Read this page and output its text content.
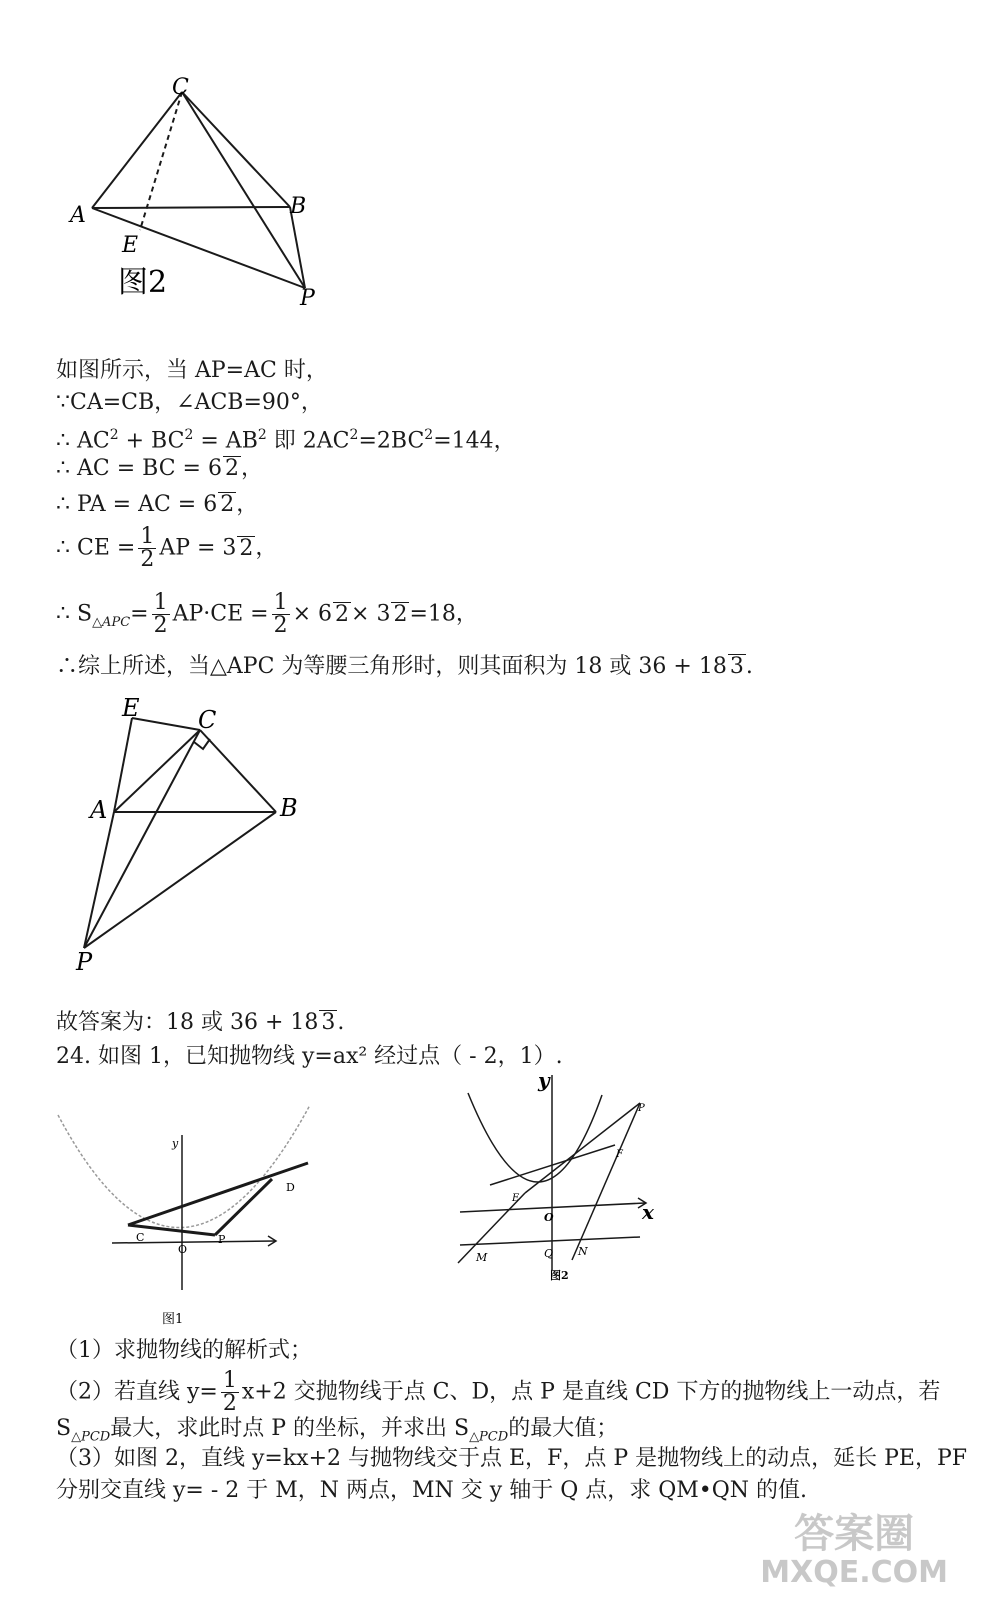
C
A	B
E
P
图2
如图所示，当 AP=AC 时，
∵CA=CB，∠ACB=90°，
∴ $AC^2 + BC^2 = AB^2$ 即 $2AC^2=2BC^2=144$，
∴ AC = BC = 6 2，
∴ PA = AC = 6 2，
∴ CE = $\frac{1}{2}$ AP = 3 2，
∴ $S_{\triangle APC}= \frac{1}{2} AP\cdot CE = \frac{1}{2} \times 6$ 2× 3 2=18，
∴综上所述，当△APC 为等腰三角形时，则其面积为 18 或 36 + 18 3.
E C
A	B
P
故答案为：18 或 36 + 18 3.
24. 如图 1，已知抛物线 y=ax² 经过点（ - 2，1）.
y
D
C
O
P
图1
y
x
P
F
E
O
M	Q N
图2
（1）求抛物线的解析式；
（2）若直线 $y= \frac{1}{2} x+2$ 交抛物线于点 C、D，点 P 是直线 CD 下方的抛物线上一动点，若
$S_{\triangle PCD}$最大，求此时点 P 的坐标，并求出 $S_{\triangle PCD}$的最大值；
（3）如图 2，直线 y=kx+2 与抛物线交于点 E，F，点 P 是抛物线上的动点，延长 PE，PF
分别交直线 y= - 2 于 M，N 两点，MN 交 y 轴于 Q 点，求 QM•QN 的值.
答案圈
MXQE.COM
